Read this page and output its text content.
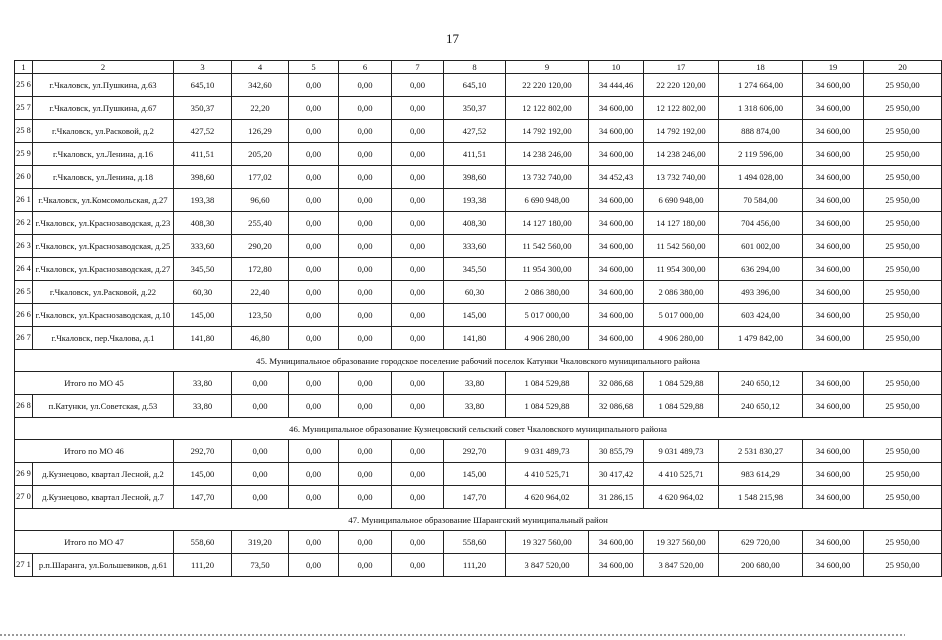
17
1	2	3	4	5	6	7	8	9	10	17	18	19	20
25 6	г.Чкаловск, ул.Пушкина, д.63	645,10	342,60	0,00	0,00	0,00	645,10	22 220 120,00	34 444,46	22 220 120,00	1 274 664,00	34 600,00	25 950,00
25 7	г.Чкаловск, ул.Пушкина, д.67	350,37	22,20	0,00	0,00	0,00	350,37	12 122 802,00	34 600,00	12 122 802,00	1 318 606,00	34 600,00	25 950,00
25 8	г.Чкаловск, ул.Расковой, д.2	427,52	126,29	0,00	0,00	0,00	427,52	14 792 192,00	34 600,00	14 792 192,00	888 874,00	34 600,00	25 950,00
25 9	г.Чкаловск, ул.Ленина, д.16	411,51	205,20	0,00	0,00	0,00	411,51	14 238 246,00	34 600,00	14 238 246,00	2 119 596,00	34 600,00	25 950,00
26 0	г.Чкаловск, ул.Ленина, д.18	398,60	177,02	0,00	0,00	0,00	398,60	13 732 740,00	34 452,43	13 732 740,00	1 494 028,00	34 600,00	25 950,00
26 1	г.Чкаловск, ул.Комсомольская, д.27	193,38	96,60	0,00	0,00	0,00	193,38	6 690 948,00	34 600,00	6 690 948,00	70 584,00	34 600,00	25 950,00
26 2	г.Чкаловск, ул.Краснозаводская, д.23	408,30	255,40	0,00	0,00	0,00	408,30	14 127 180,00	34 600,00	14 127 180,00	704 456,00	34 600,00	25 950,00
26 3	г.Чкаловск, ул.Краснозаводская, д.25	333,60	290,20	0,00	0,00	0,00	333,60	11 542 560,00	34 600,00	11 542 560,00	601 002,00	34 600,00	25 950,00
26 4	г.Чкаловск, ул.Краснозаводская, д.27	345,50	172,80	0,00	0,00	0,00	345,50	11 954 300,00	34 600,00	11 954 300,00	636 294,00	34 600,00	25 950,00
26 5	г.Чкаловск, ул.Расковой, д.22	60,30	22,40	0,00	0,00	0,00	60,30	2 086 380,00	34 600,00	2 086 380,00	493 396,00	34 600,00	25 950,00
26 6	г.Чкаловск, ул.Краснозаводская, д.10	145,00	123,50	0,00	0,00	0,00	145,00	5 017 000,00	34 600,00	5 017 000,00	603 424,00	34 600,00	25 950,00
26 7	г.Чкаловск, пер.Чкалова, д.1	141,80	46,80	0,00	0,00	0,00	141,80	4 906 280,00	34 600,00	4 906 280,00	1 479 842,00	34 600,00	25 950,00
45. Муниципальное образование городское поселение рабочий поселок Катунки Чкаловского муниципального района													
Итого по МО 45		33,80	0,00	0,00	0,00	0,00	33,80	1 084 529,88	32 086,68	1 084 529,88	240 650,12	34 600,00	25 950,00
26 8	п.Катунки, ул.Советская, д.53	33,80	0,00	0,00	0,00	0,00	33,80	1 084 529,88	32 086,68	1 084 529,88	240 650,12	34 600,00	25 950,00
46. Муниципальное образование Кузнецовский сельский совет Чкаловского муниципального района													
Итого по МО 46		292,70	0,00	0,00	0,00	0,00	292,70	9 031 489,73	30 855,79	9 031 489,73	2 531 830,27	34 600,00	25 950,00
26 9	д.Кузнецово, квартал Лесной, д.2	145,00	0,00	0,00	0,00	0,00	145,00	4 410 525,71	30 417,42	4 410 525,71	983 614,29	34 600,00	25 950,00
27 0	д.Кузнецово, квартал Лесной, д.7	147,70	0,00	0,00	0,00	0,00	147,70	4 620 964,02	31 286,15	4 620 964,02	1 548 215,98	34 600,00	25 950,00
47. Муниципальное образование Шарангский муниципальный район													
Итого по МО 47		558,60	319,20	0,00	0,00	0,00	558,60	19 327 560,00	34 600,00	19 327 560,00	629 720,00	34 600,00	25 950,00
27 1	р.п.Шаранга, ул.Большевиков, д.61	111,20	73,50	0,00	0,00	0,00	111,20	3 847 520,00	34 600,00	3 847 520,00	200 680,00	34 600,00	25 950,00
